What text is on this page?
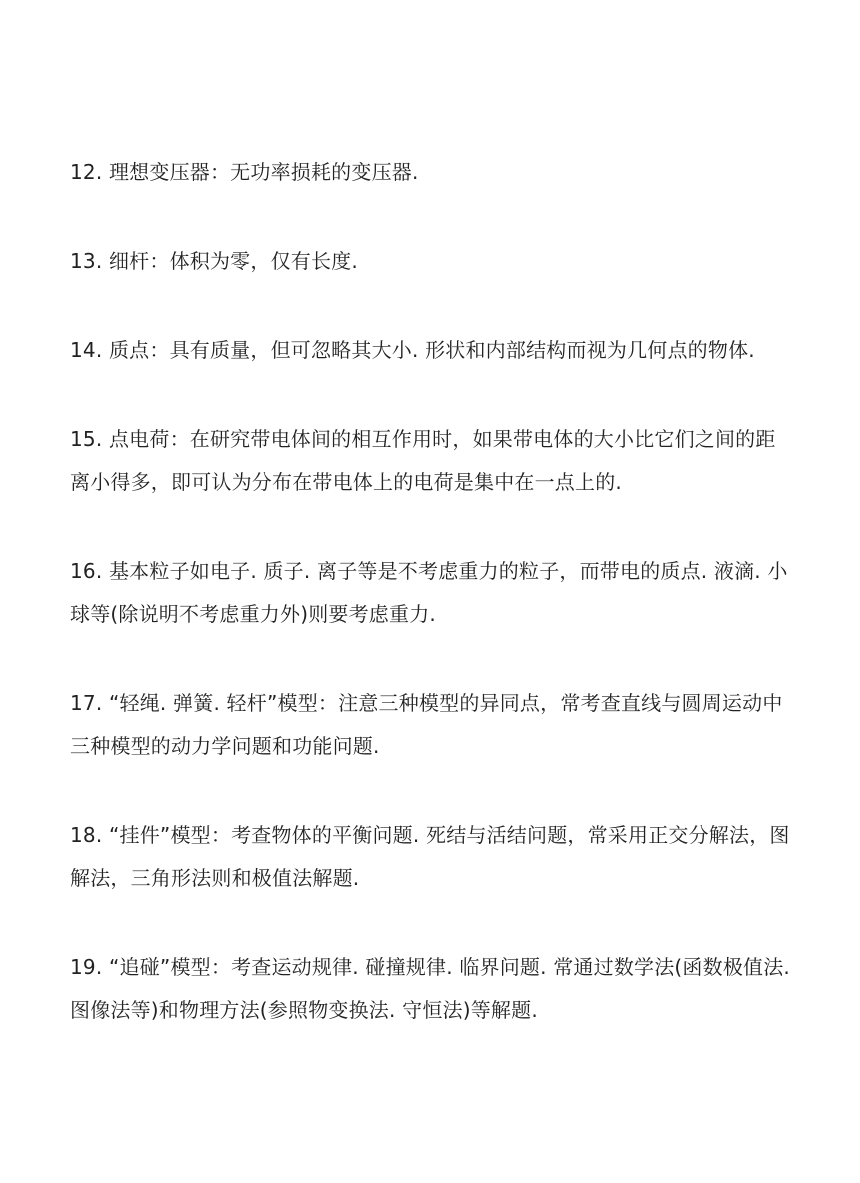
12. 理想变压器：无功率损耗的变压器.
13. 细杆：体积为零，仅有长度.
14. 质点：具有质量，但可忽略其大小. 形状和内部结构而视为几何点的物体.
15. 点电荷：在研究带电体间的相互作用时，如果带电体的大小比它们之间的距离小得多，即可认为分布在带电体上的电荷是集中在一点上的.
16. 基本粒子如电子. 质子. 离子等是不考虑重力的粒子，而带电的质点. 液滴. 小球等(除说明不考虑重力外)则要考虑重力.
17. “轻绳. 弹簧. 轻杆”模型：注意三种模型的异同点，常考查直线与圆周运动中三种模型的动力学问题和功能问题.
18. “挂件”模型：考查物体的平衡问题. 死结与活结问题，常采用正交分解法，图解法，三角形法则和极值法解题.
19. “追碰”模型：考查运动规律. 碰撞规律. 临界问题. 常通过数学法(函数极值法. 图像法等)和物理方法(参照物变换法. 守恒法)等解题.
